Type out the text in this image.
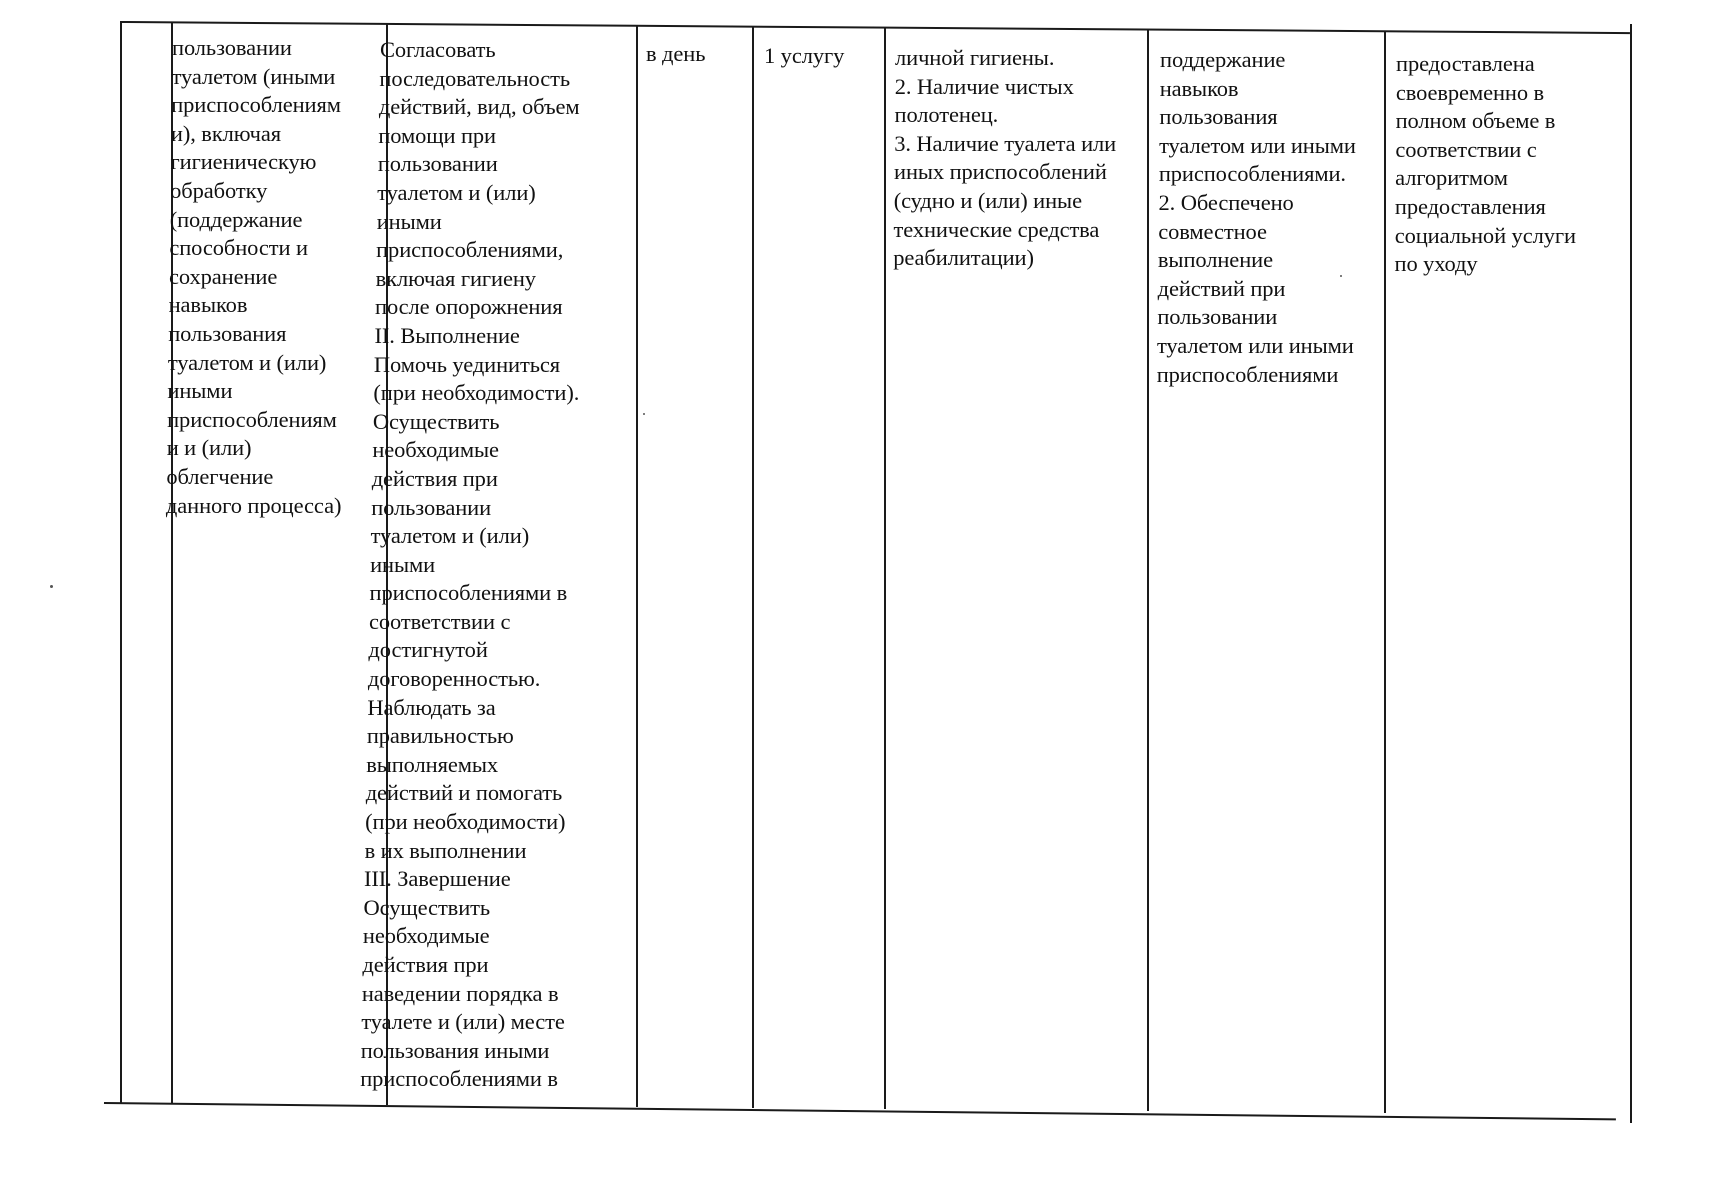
пользовании
туалетом (иными
приспособлениям
и), включая
гигиеническую
обработку
(поддержание
способности и
сохранение
навыков
пользования
туалетом и (или)
иными
приспособлениям
и и (или)
облегчение
данного процесса)
Согласовать
последовательность
действий, вид, объем
помощи при
пользовании
туалетом и (или)
иными
приспособлениями,
включая гигиену
после опорожнения
II. Выполнение
Помочь уединиться
(при необходимости).
Осуществить
необходимые
действия при
пользовании
туалетом и (или)
иными
приспособлениями в
соответствии с
достигнутой
договоренностью.
Наблюдать за
правильностью
выполняемых
действий и помогать
(при необходимости)
в их выполнении
III. Завершение
Осуществить
необходимые
действия при
наведении порядка в
туалете и (или) месте
пользования иными
приспособлениями в
в день	1 услугу личной гигиены.
2. Наличие чистых
полотенец.
3. Наличие туалета или
иных приспособлений
(судно и (или) иные
технические средства
реабилитации)
поддержание
навыков
пользования
туалетом или иными
приспособлениями.
2. Обеспечено
совместное
выполнение
действий при
пользовании
туалетом или иными
приспособлениями
предоставлена
своевременно в
полном объеме в
соответствии с
алгоритмом
предоставления
социальной услуги
по уходу
